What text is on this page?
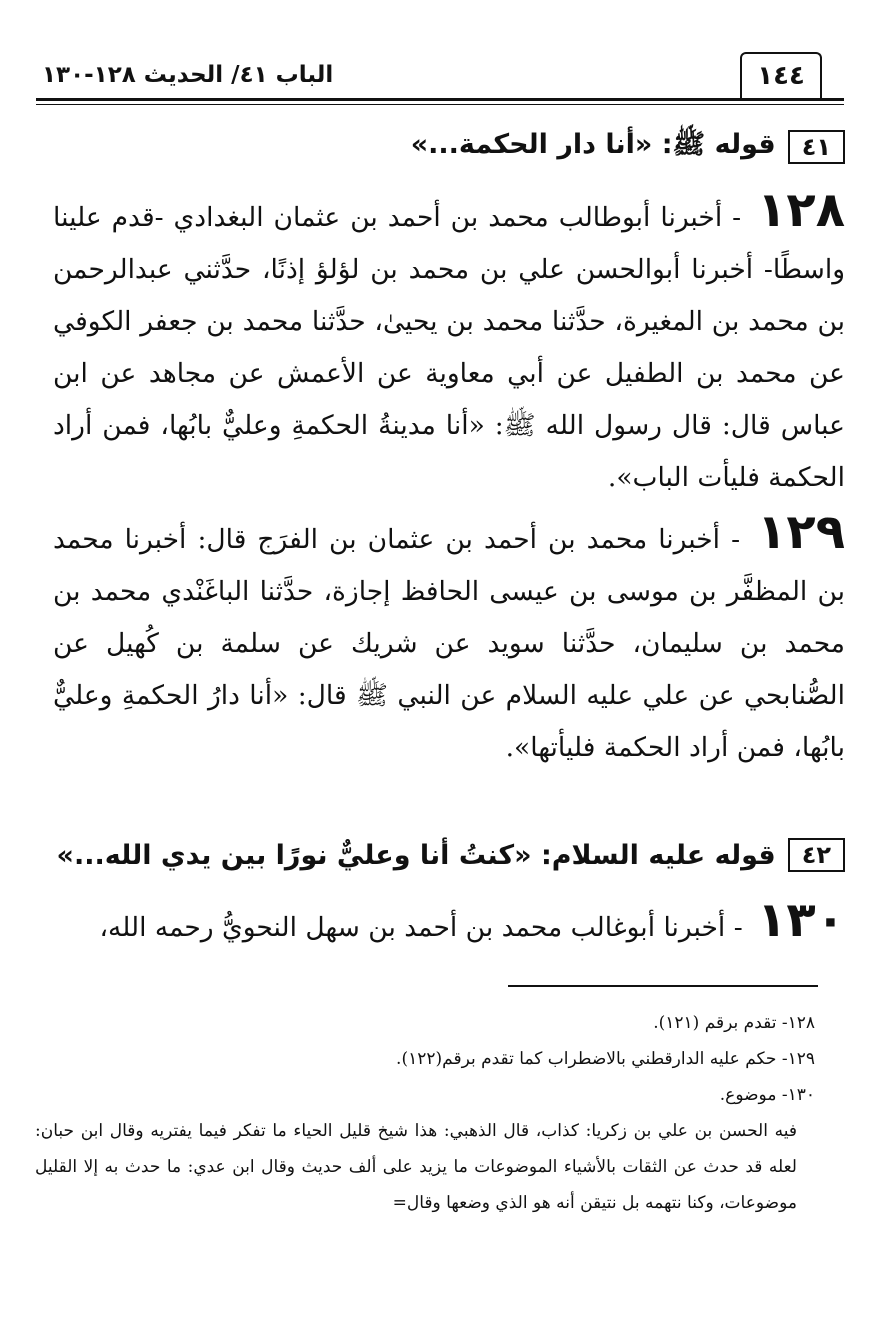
الباب ٤١/ الحديث ١٢٨-١٣٠	١٤٤
٤١
قوله ﷺ: «أنا دار الحكمة...»
١٢٨ - أخبرنا أبوطالب محمد بن أحمد بن عثمان البغدادي -قدم علينا واسطًا- أخبرنا أبوالحسن علي بن محمد بن لؤلؤ إذنًا، حدَّثني عبدالرحمن بن محمد بن المغيرة، حدَّثنا محمد بن يحيىٰ، حدَّثنا محمد بن جعفر الكوفي عن محمد بن الطفيل عن أبي معاوية عن الأعمش عن مجاهد عن ابن عباس قال: قال رسول الله ﷺ: «أنا مدينةُ الحكمةِ وعليٌّ بابُها، فمن أراد الحكمة فليأت الباب».
١٢٩ - أخبرنا محمد بن أحمد بن عثمان بن الفرَج قال: أخبرنا محمد بن المظفَّر بن موسى بن عيسى الحافظ إجازة، حدَّثنا الباغَنْدي محمد بن محمد بن سليمان، حدَّثنا سويد عن شريك عن سلمة بن كُهيل عن الصُّنابحي عن علي عليه السلام عن النبي ﷺ قال: «أنا دارُ الحكمةِ وعليٌّ بابُها، فمن أراد الحكمة فليأتها».
٤٢
قوله عليه السلام: «كنتُ أنا وعليٌّ نورًا بين يدي الله...»
١٣٠ - أخبرنا أبوغالب محمد بن أحمد بن سهل النحويُّ رحمه الله،
١٢٨- تقدم برقم (١٢١).
١٢٩- حكم عليه الدارقطني بالاضطراب كما تقدم برقم(١٢٢).
١٣٠- موضوع.
فيه الحسن بن علي بن زكريا: كذاب، قال الذهبي: هذا شيخ قليل الحياء ما تفكر فيما يفتريه وقال ابن حبان: لعله قد حدث عن الثقات بالأشياء الموضوعات ما يزيد على ألف حديث وقال ابن عدي: ما حدث به إلا القليل موضوعات، وكنا نتهمه بل نتيقن أنه هو الذي وضعها وقال=
